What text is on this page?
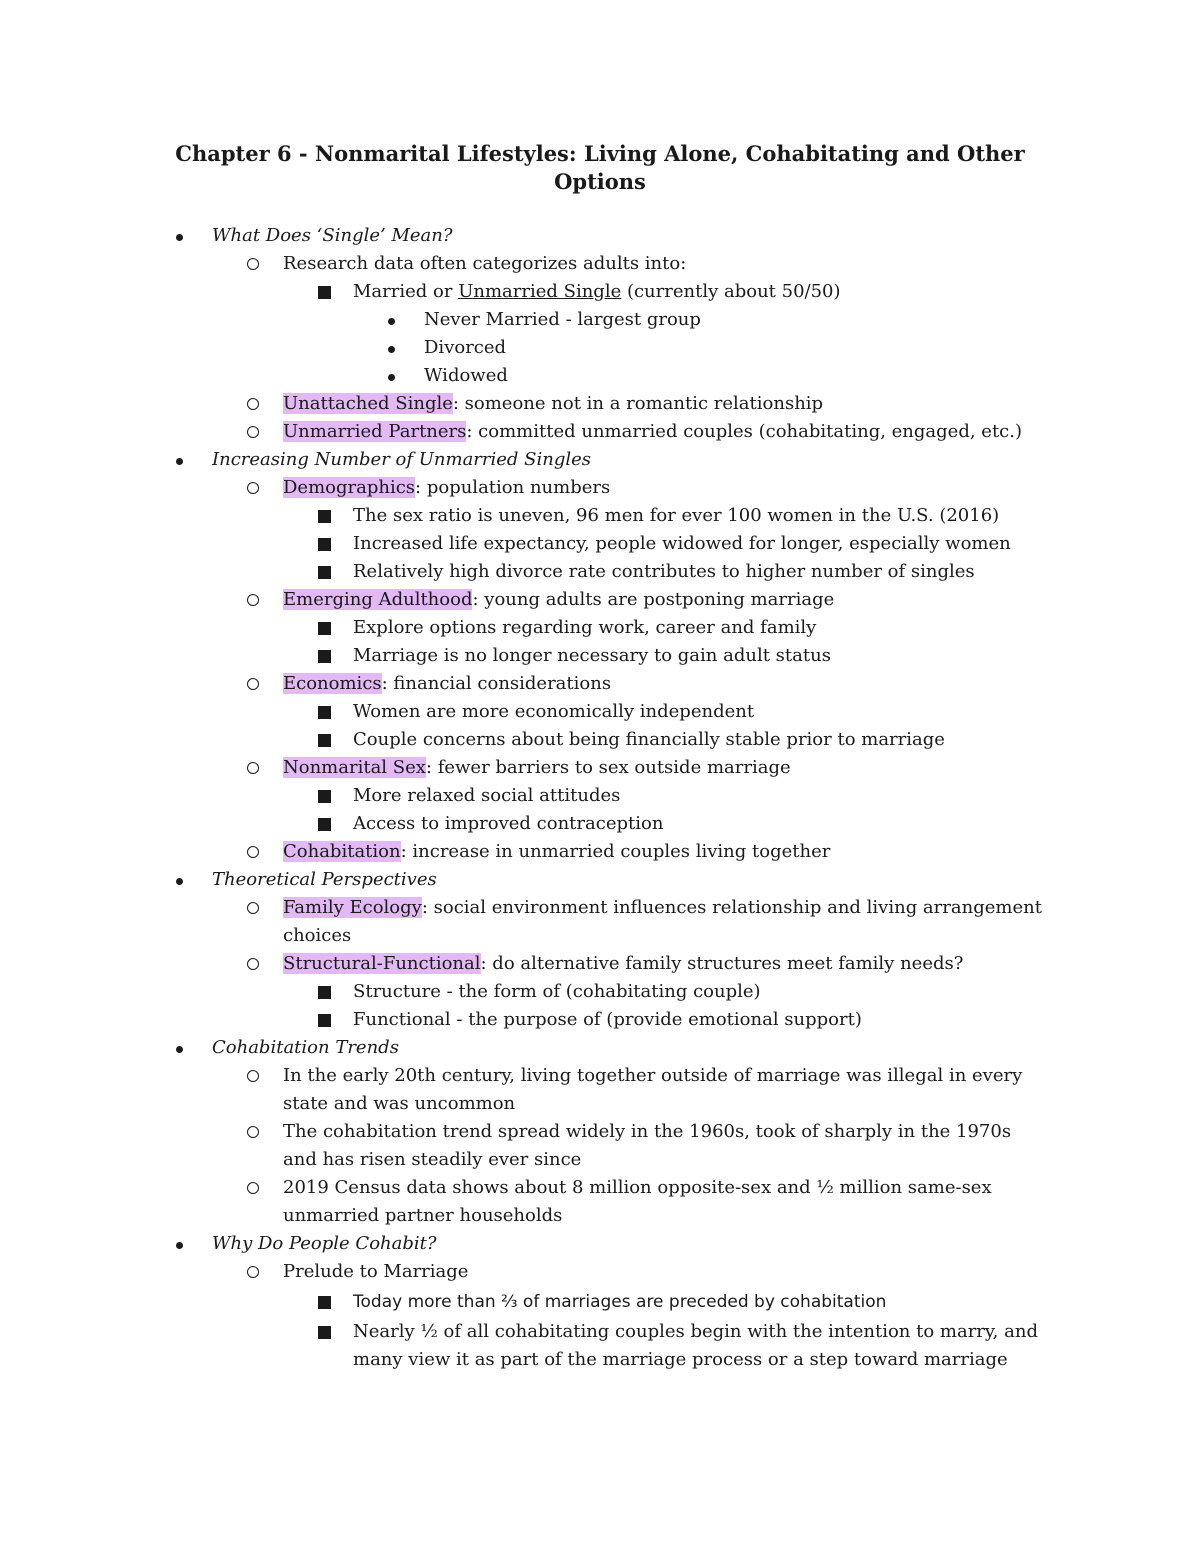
Chapter 6 - Nonmarital Lifestyles: Living Alone, Cohabitating and Other Options
What Does ‘Single’ Mean?
Research data often categorizes adults into:
Married or Unmarried Single (currently about 50/50)
Never Married - largest group
Divorced
Widowed
Unattached Single: someone not in a romantic relationship
Unmarried Partners: committed unmarried couples (cohabitating, engaged, etc.)
Increasing Number of Unmarried Singles
Demographics: population numbers
The sex ratio is uneven, 96 men for ever 100 women in the U.S. (2016)
Increased life expectancy, people widowed for longer, especially women
Relatively high divorce rate contributes to higher number of singles
Emerging Adulthood: young adults are postponing marriage
Explore options regarding work, career and family
Marriage is no longer necessary to gain adult status
Economics: financial considerations
Women are more economically independent
Couple concerns about being financially stable prior to marriage
Nonmarital Sex: fewer barriers to sex outside marriage
More relaxed social attitudes
Access to improved contraception
Cohabitation: increase in unmarried couples living together
Theoretical Perspectives
Family Ecology: social environment influences relationship and living arrangement choices
Structural-Functional: do alternative family structures meet family needs?
Structure - the form of (cohabitating couple)
Functional - the purpose of (provide emotional support)
Cohabitation Trends
In the early 20th century, living together outside of marriage was illegal in every state and was uncommon
The cohabitation trend spread widely in the 1960s, took of sharply in the 1970s and has risen steadily ever since
2019 Census data shows about 8 million opposite-sex and ½ million same-sex unmarried partner households
Why Do People Cohabit?
Prelude to Marriage
Today more than ⅔ of marriages are preceded by cohabitation
Nearly ½ of all cohabitating couples begin with the intention to marry, and many view it as part of the marriage process or a step toward marriage
